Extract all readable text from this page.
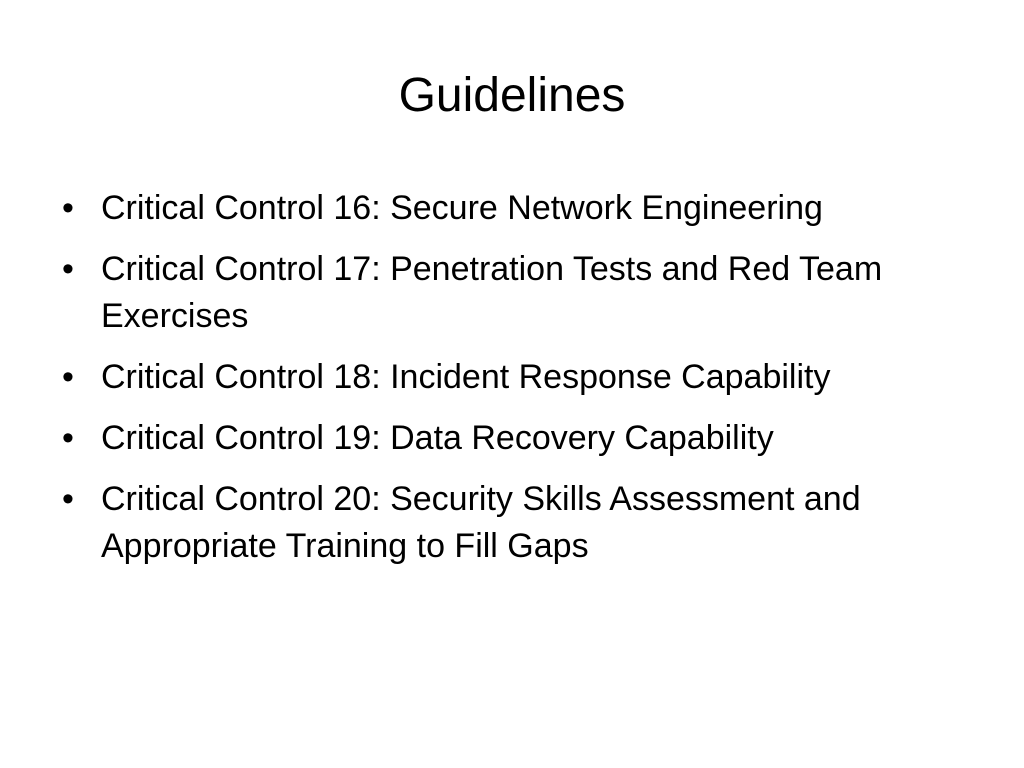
Guidelines
• Critical Control 16: Secure Network Engineering
• Critical Control 17: Penetration Tests and Red Team Exercises
• Critical Control 18: Incident Response Capability
• Critical Control 19: Data Recovery Capability
• Critical Control 20: Security Skills Assessment and Appropriate Training to Fill Gaps
